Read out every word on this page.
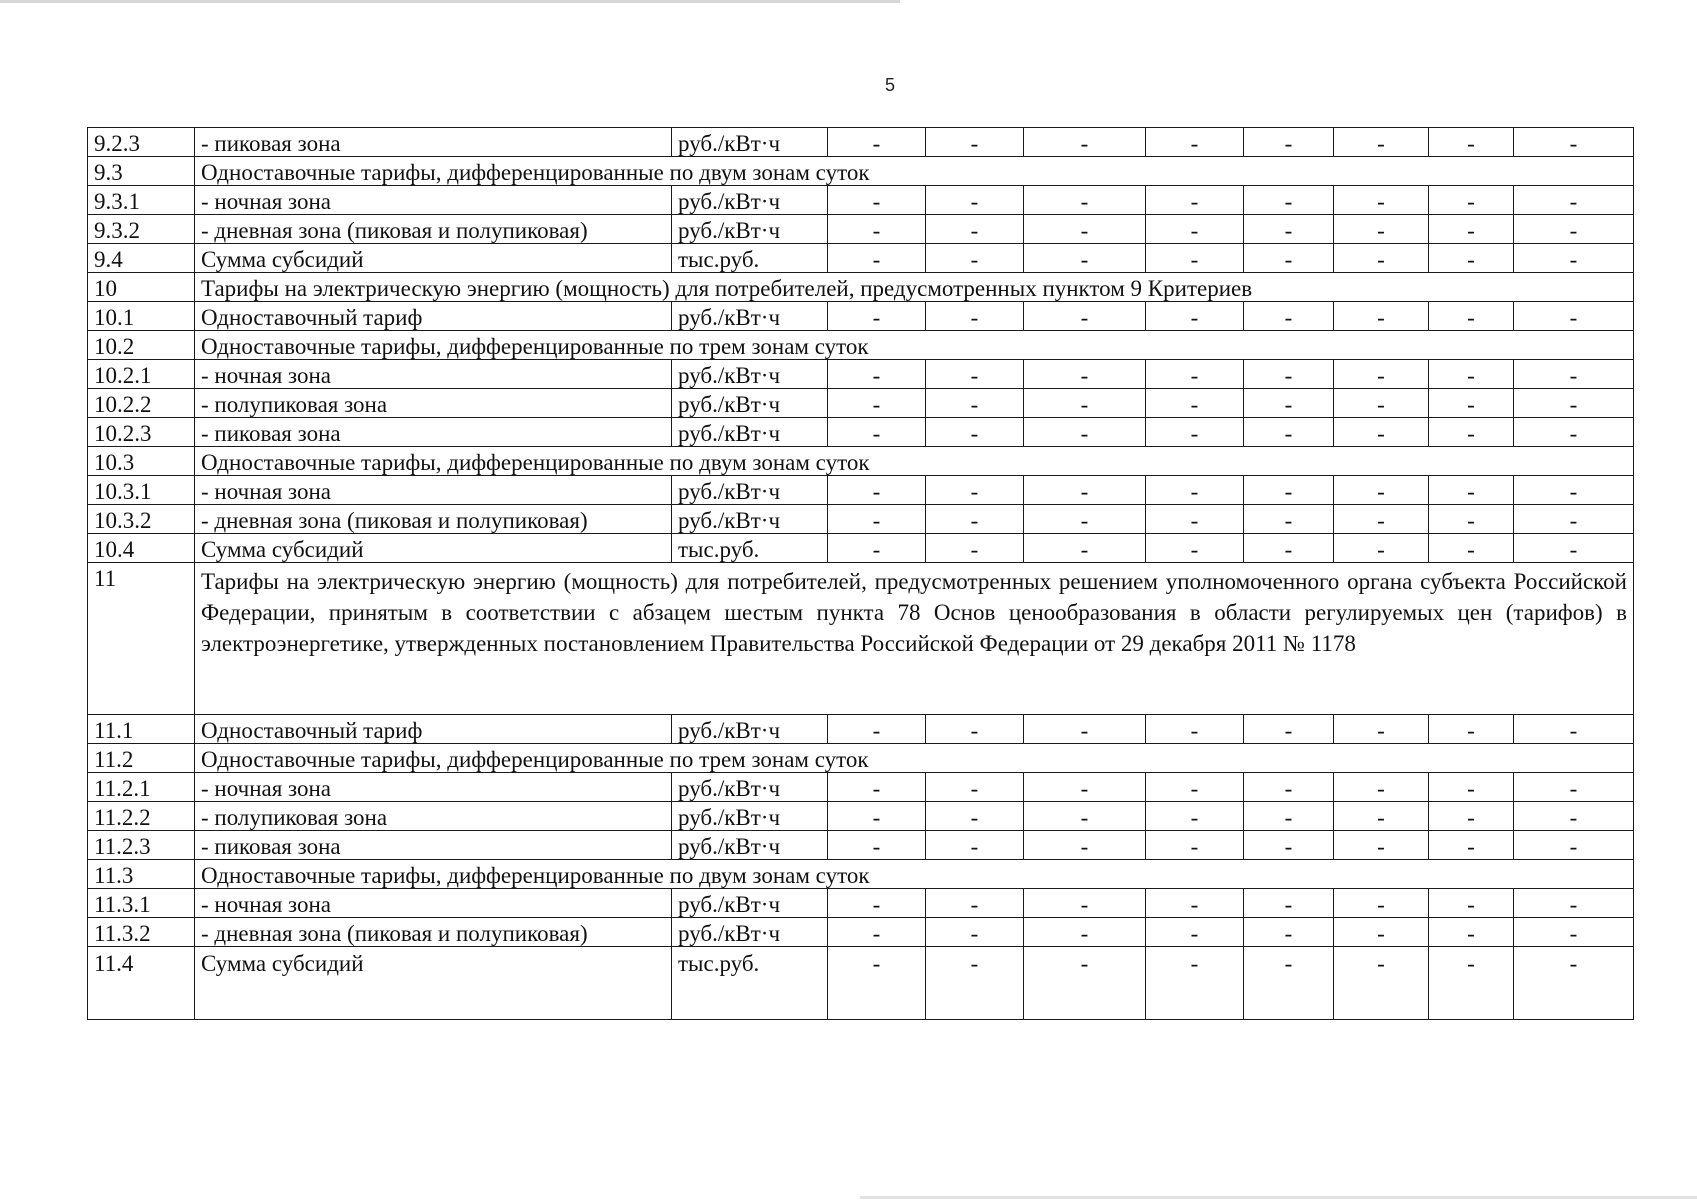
5
9.2.3	- пиковая зона	руб./кВт·ч	-	-	-	-	-	-	-	-
9.3	Одноставочные тарифы, дифференцированные по двум зонам суток									
9.3.1	- ночная зона	руб./кВт·ч	-	-	-	-	-	-	-	-
9.3.2	- дневная зона (пиковая и полупиковая)	руб./кВт·ч	-	-	-	-	-	-	-	-
9.4	Сумма субсидий	тыс.руб.	-	-	-	-	-	-	-	-
10	Тарифы на электрическую энергию (мощность) для потребителей, предусмотренных пунктом 9 Критериев									
10.1	Одноставочный тариф	руб./кВт·ч	-	-	-	-	-	-	-	-
10.2	Одноставочные тарифы, дифференцированные по трем зонам суток									
10.2.1	- ночная зона	руб./кВт·ч	-	-	-	-	-	-	-	-
10.2.2	- полупиковая зона	руб./кВт·ч	-	-	-	-	-	-	-	-
10.2.3	- пиковая зона	руб./кВт·ч	-	-	-	-	-	-	-	-
10.3	Одноставочные тарифы, дифференцированные по двум зонам суток									
10.3.1	- ночная зона	руб./кВт·ч	-	-	-	-	-	-	-	-
10.3.2	- дневная зона (пиковая и полупиковая)	руб./кВт·ч	-	-	-	-	-	-	-	-
10.4	Сумма субсидий	тыс.руб.	-	-	-	-	-	-	-	-
11	Тарифы на электрическую энергию (мощность) для потребителей, предусмотренных решением уполномоченного органа субъекта Российской Федерации, принятым в соответствии с абзацем шестым пункта 78 Основ ценообразования в области регулируемых цен (тарифов) в электроэнергетике, утвержденных постановлением Правительства Российской Федерации от 29 декабря 2011 № 1178									
11.1	Одноставочный тариф	руб./кВт·ч	-	-	-	-	-	-	-	-
11.2	Одноставочные тарифы, дифференцированные по трем зонам суток									
11.2.1	- ночная зона	руб./кВт·ч	-	-	-	-	-	-	-	-
11.2.2	- полупиковая зона	руб./кВт·ч	-	-	-	-	-	-	-	-
11.2.3	- пиковая зона	руб./кВт·ч	-	-	-	-	-	-	-	-
11.3	Одноставочные тарифы, дифференцированные по двум зонам суток									
11.3.1	- ночная зона	руб./кВт·ч	-	-	-	-	-	-	-	-
11.3.2	- дневная зона (пиковая и полупиковая)	руб./кВт·ч	-	-	-	-	-	-	-	-
11.4	Сумма субсидий	тыс.руб.	-	-	-	-	-	-	-	-
